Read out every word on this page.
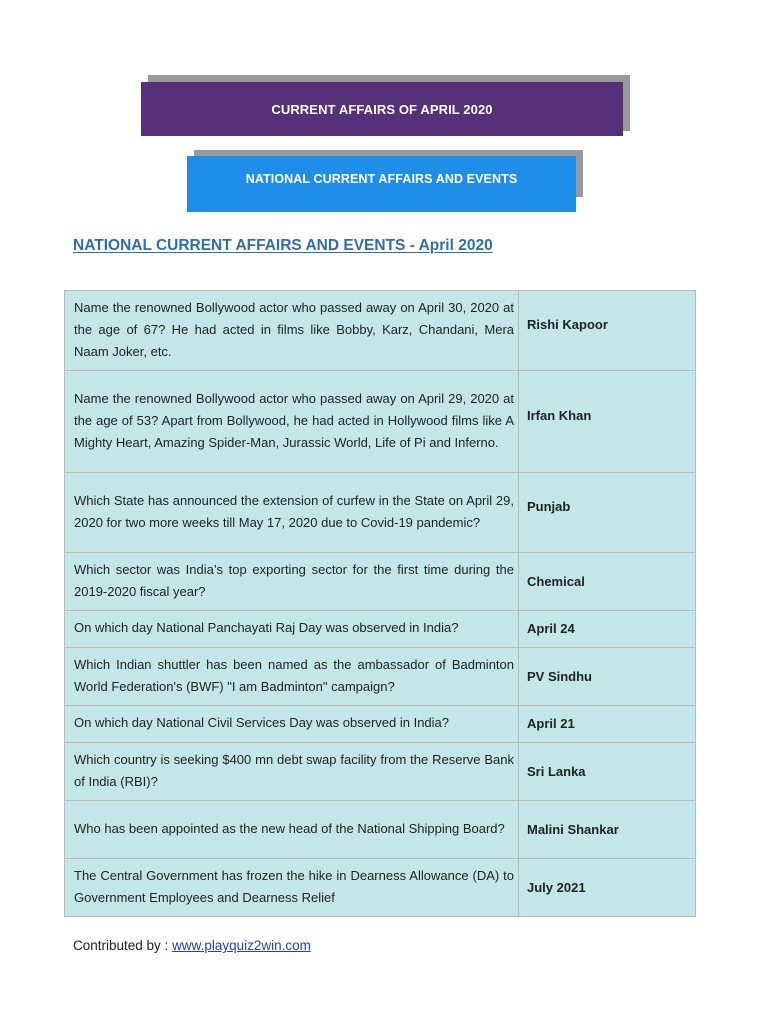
CURRENT AFFAIRS OF APRIL 2020
NATIONAL CURRENT AFFAIRS AND EVENTS
NATIONAL CURRENT AFFAIRS AND EVENTS - April 2020
Name the renowned Bollywood actor who passed away on April 30, 2020 at the age of 67? He had acted in films like Bobby, Karz, Chandani, Mera Naam Joker, etc.	Rishi Kapoor
Name the renowned Bollywood actor who passed away on April 29, 2020 at the age of 53? Apart from Bollywood, he had acted in Hollywood films like A Mighty Heart, Amazing Spider-Man, Jurassic World, Life of Pi and Inferno.	Irfan Khan
Which State has announced the extension of curfew in the State on April 29, 2020 for two more weeks till May 17, 2020 due to Covid-19 pandemic?	Punjab
Which sector was India’s top exporting sector for the first time during the 2019-2020 fiscal year?	Chemical
On which day National Panchayati Raj Day was observed in India?	April 24
Which Indian shuttler has been named as the ambassador of Badminton World Federation's (BWF) "I am Badminton" campaign?	PV Sindhu
On which day National Civil Services Day was observed in India?	April 21
Which country is seeking $400 mn debt swap facility from the Reserve Bank of India (RBI)?	Sri Lanka
Who has been appointed as the new head of the National Shipping Board?	Malini Shankar
The Central Government has frozen the hike in Dearness Allowance (DA) to Government Employees and Dearness Relief	July 2021
Contributed by : www.playquiz2win.com
